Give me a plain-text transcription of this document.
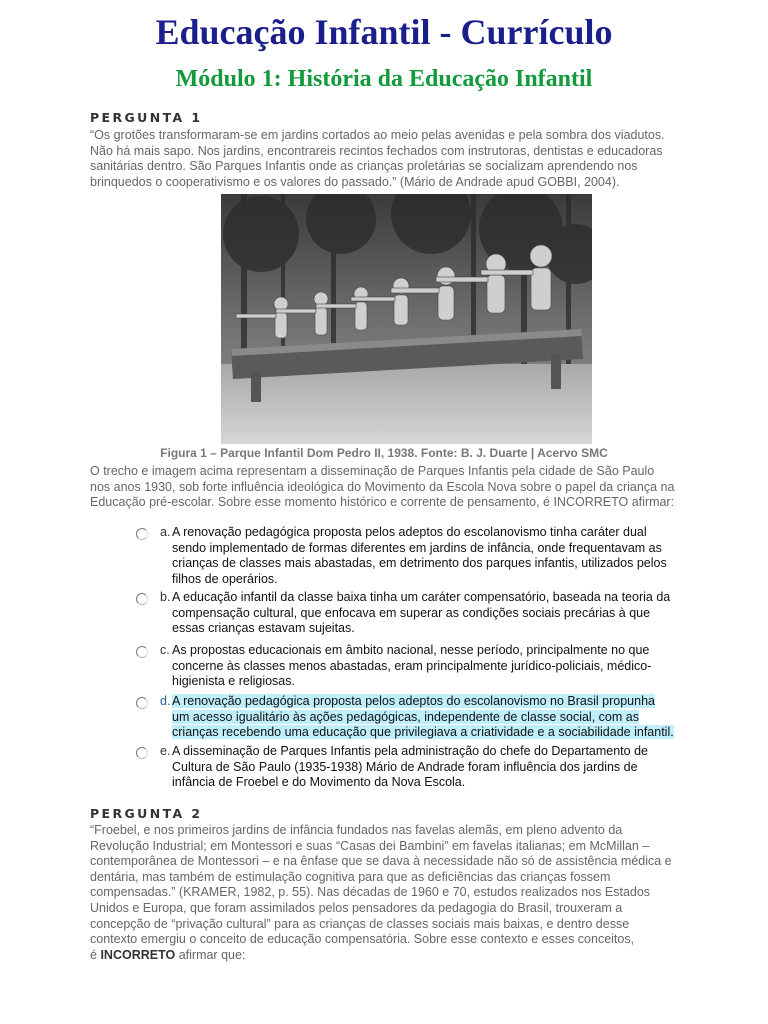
Educação Infantil - Currículo
Módulo 1: História da Educação Infantil
PERGUNTA 1
“Os grotões transformaram-se em jardins cortados ao meio pelas avenidas e pela sombra dos viadutos.
Não há mais sapo. Nos jardins, encontrareis recintos fechados com instrutoras, dentistas e educadoras
sanitárias dentro. São Parques Infantis onde as crianças proletárias se socializam aprendendo nos
brinquedos o cooperativismo e os valores do passado.” (Mário de Andrade apud GOBBI, 2004).
Figura 1 – Parque Infantil Dom Pedro II, 1938. Fonte: B. J. Duarte | Acervo SMC
O trecho e imagem acima representam a disseminação de Parques Infantis pela cidade de São Paulo
nos anos 1930, sob forte influência ideológica do Movimento da Escola Nova sobre o papel da criança na
Educação pré-escolar. Sobre esse momento histórico e corrente de pensamento, é INCORRETO afirmar:
a. A renovação pedagógica proposta pelos adeptos do escolanovismo tinha caráter dual
sendo implementado de formas diferentes em jardins de infância, onde frequentavam as
crianças de classes mais abastadas, em detrimento dos parques infantis, utilizados pelos
filhos de operários.
b. A educação infantil da classe baixa tinha um caráter compensatório, baseada na teoria da
compensação cultural, que enfocava em superar as condições sociais precárias à que
essas crianças estavam sujeitas.
c. As propostas educacionais em âmbito nacional, nesse período, principalmente no que
concerne às classes menos abastadas, eram principalmente jurídico-policiais, médico-
higienista e religiosas.
d. A renovação pedagógica proposta pelos adeptos do escolanovismo no Brasil propunha
um acesso igualitário às ações pedagógicas, independente de classe social, com as
crianças recebendo uma educação que privilegiava a criatividade e a sociabilidade infantil.
e. A disseminação de Parques Infantis pela administração do chefe do Departamento de
Cultura de São Paulo (1935-1938) Mário de Andrade foram influência dos jardins de
infância de Froebel e do Movimento da Nova Escola.
PERGUNTA 2
“Froebel, e nos primeiros jardins de infância fundados nas favelas alemãs, em pleno advento da
Revolução Industrial; em Montessori e suas “Casas dei Bambini” em favelas italianas; em McMillan –
contemporânea de Montessori – e na ênfase que se dava à necessidade não só de assistência médica e
dentária, mas também de estimulação cognitiva para que as deficiências das crianças fossem
compensadas.” (KRAMER, 1982, p. 55). Nas décadas de 1960 e 70, estudos realizados nos Estados
Unidos e Europa, que foram assimilados pelos pensadores da pedagogia do Brasil, trouxeram a
concepção de “privação cultural” para as crianças de classes sociais mais baixas, e dentro desse
contexto emergiu o conceito de educação compensatória. Sobre esse contexto e esses conceitos,
é INCORRETO afirmar que:
